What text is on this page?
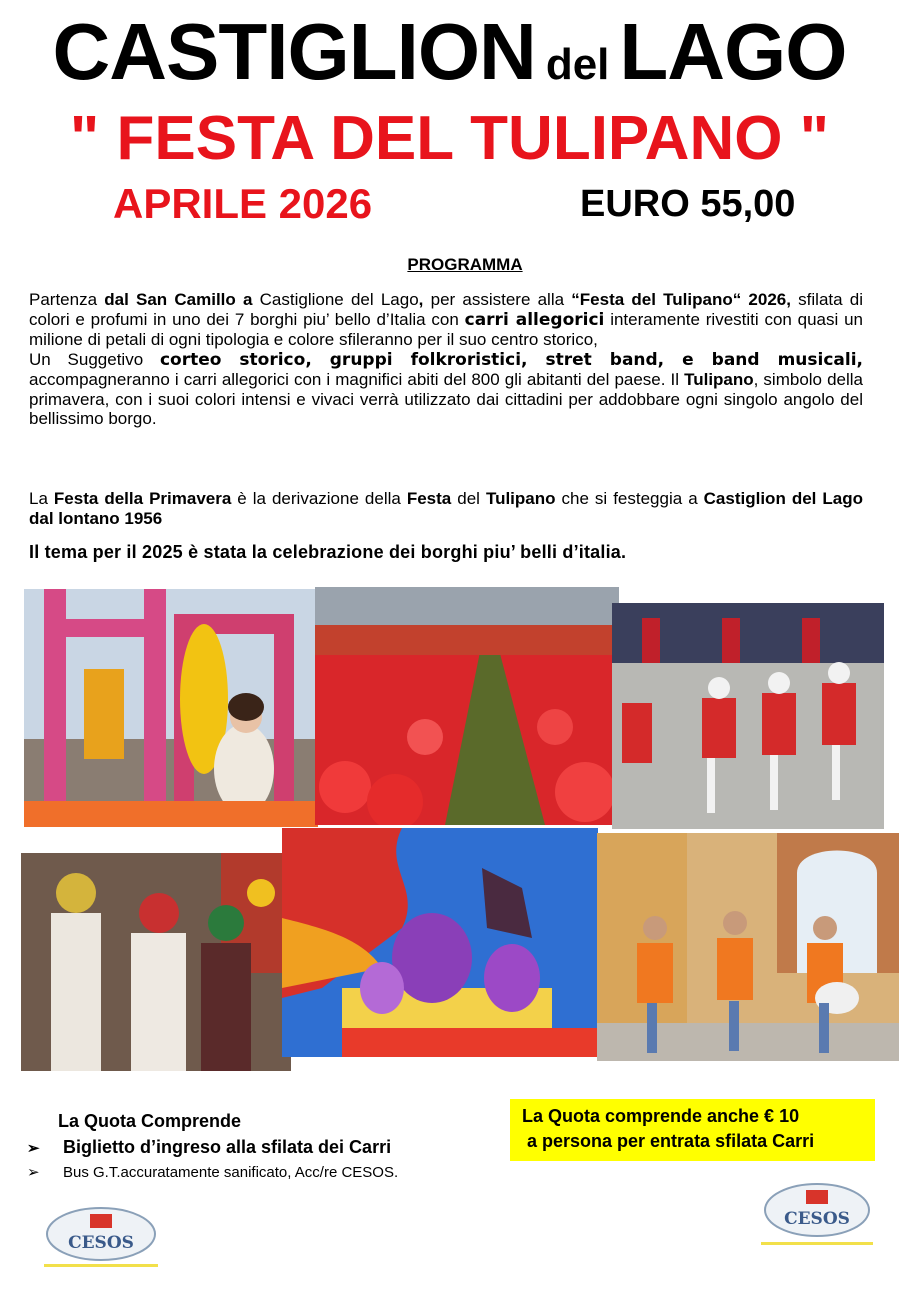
CASTIGLION del LAGO
" FESTA DEL TULIPANO "
APRILE 2026	EURO 55,00
PROGRAMMA
Partenza dal San Camillo a Castiglione del Lago, per assistere alla “Festa del Tulipano“ 2026, sfilata di colori e profumi in uno dei 7 borghi piu’ bello d’Italia con carri allegorici interamente rivestiti con quasi un milione di petali di ogni tipologia e colore sfileranno per il suo centro storico,
Un Suggetivo corteo storico, gruppi folkroristici, stret band, e band musicali, accompagneranno i carri allegorici con i magnifici abiti del 800 gli abitanti del paese. Il Tulipano, simbolo della primavera, con i suoi colori intensi e vivaci verrà utilizzato dai cittadini per addobbare ogni singolo angolo del bellissimo borgo.
La Festa della Primavera è la derivazione della Festa del Tulipano che si festeggia a Castiglion del Lago dal lontano 1956
Il tema per il 2025 è stata la celebrazione dei borghi piu’ belli d’italia.
La Quota comprende anche € 10
a persona per entrata sfilata Carri
La Quota Comprende
➢ Biglietto d’ingreso alla sfilata dei Carri
➢ Bus G.T.accuratamente sanificato, Acc/re CESOS.
CESOS
CESOS
